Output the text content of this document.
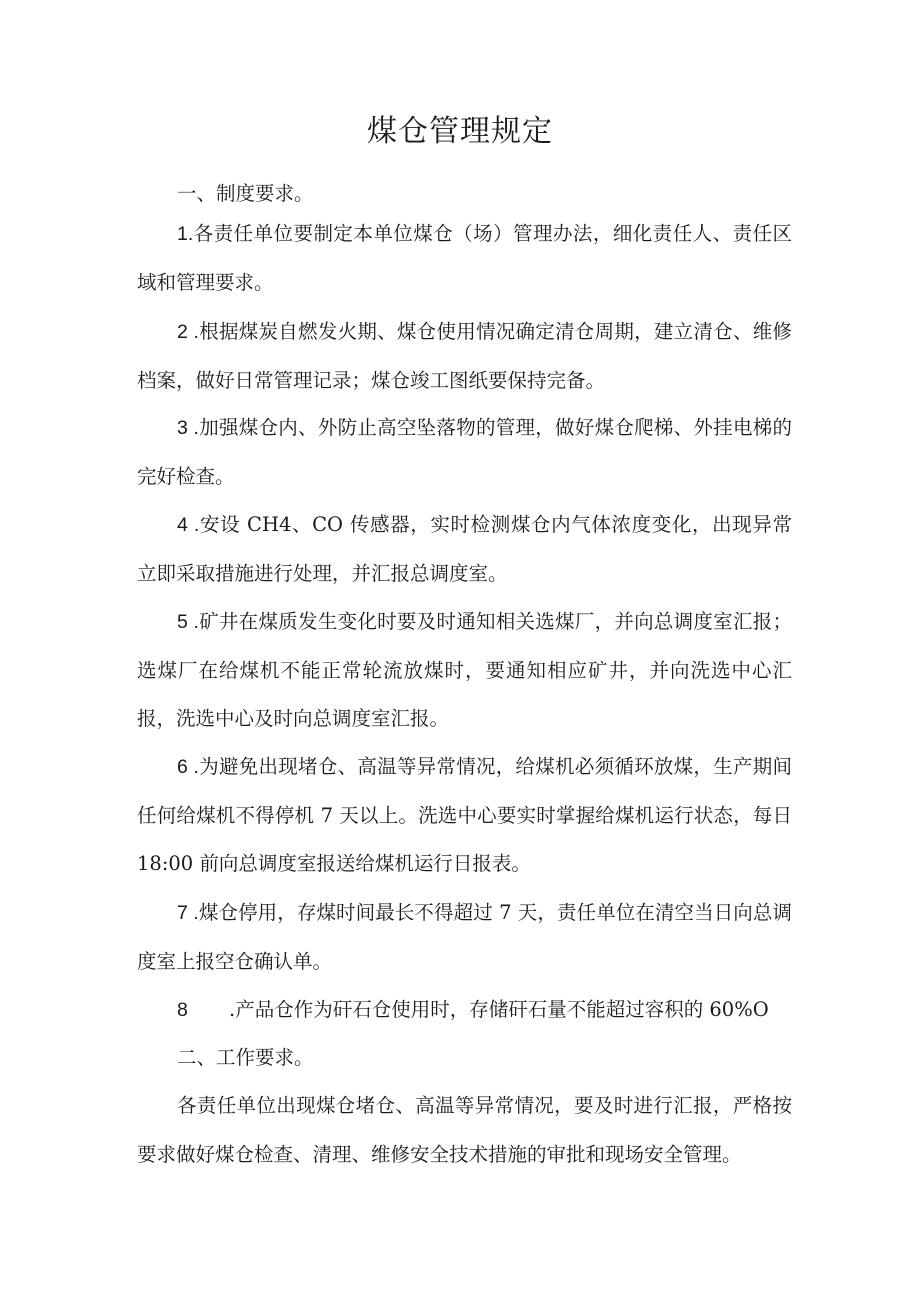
煤仓管理规定

一、制度要求。

1.各责任单位要制定本单位煤仓（场）管理办法，细化责任人、责任区域和管理要求。

2 .根据煤炭自燃发火期、煤仓使用情况确定清仓周期，建立清仓、维修档案，做好日常管理记录；煤仓竣工图纸要保持完备。

3 .加强煤仓内、外防止高空坠落物的管理，做好煤仓爬梯、外挂电梯的完好检查。

4 .安设 CH4、CO 传感器，实时检测煤仓内气体浓度变化，出现异常立即采取措施进行处理，并汇报总调度室。

5 .矿井在煤质发生变化时要及时通知相关选煤厂，并向总调度室汇报；选煤厂在给煤机不能正常轮流放煤时，要通知相应矿井，并向洗选中心汇报，洗选中心及时向总调度室汇报。

6 .为避免出现堵仓、高温等异常情况，给煤机必须循环放煤，生产期间任何给煤机不得停机 7 天以上。洗选中心要实时掌握给煤机运行状态，每日 18:00 前向总调度室报送给煤机运行日报表。

7 .煤仓停用，存煤时间最长不得超过 7 天，责任单位在清空当日向总调度室上报空仓确认单。

8 .产品仓作为矸石仓使用时，存储矸石量不能超过容积的 60%O

二、工作要求。

各责任单位出现煤仓堵仓、高温等异常情况，要及时进行汇报，严格按要求做好煤仓检查、清理、维修安全技术措施的审批和现场安全管理。
